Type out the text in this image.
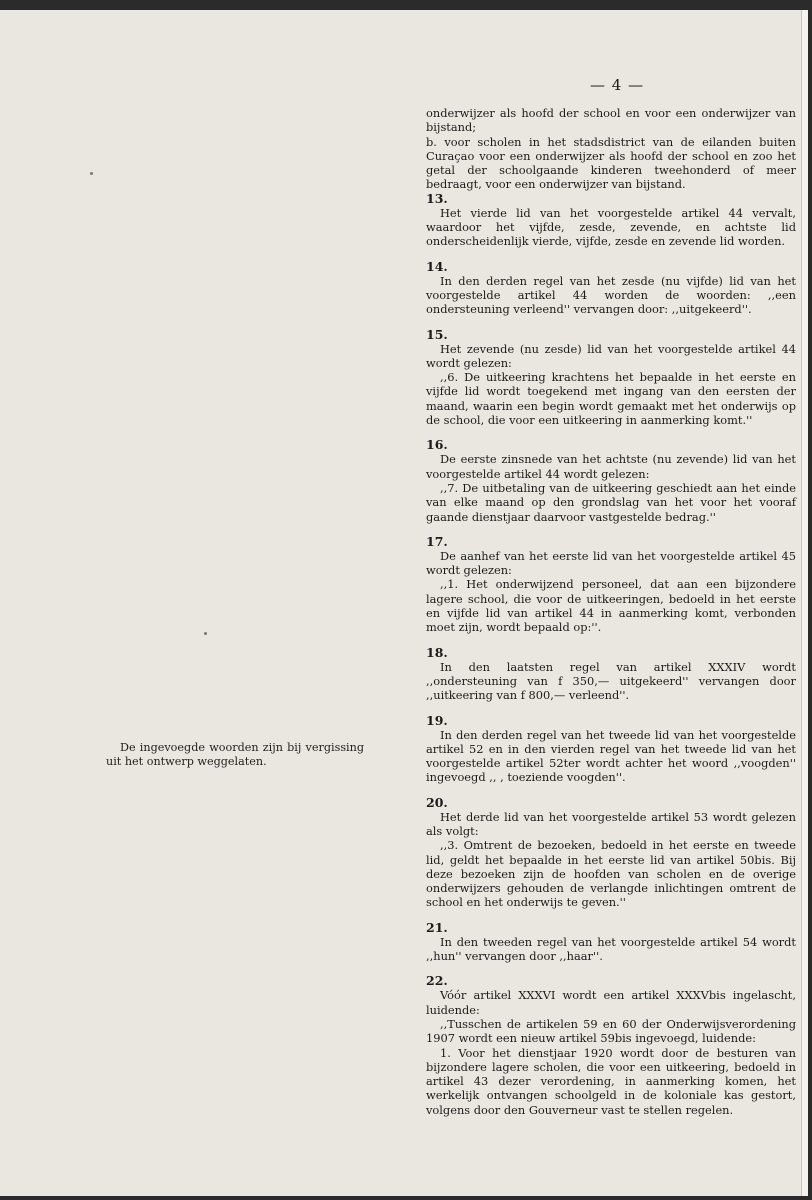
— 4 —

onderwijzer als hoofd der school en voor een onderwijzer van bijstand;

b. voor scholen in het stadsdistrict van de eilanden buiten Curaçao voor een onderwijzer als hoofd der school en zoo het getal der schoolgaande kinderen tweehonderd of meer bedraagt, voor een onderwijzer van bijstand.

13.

Het vierde lid van het voorgestelde artikel 44 vervalt, waardoor het vijfde, zesde, zevende, en achtste lid onderscheidenlijk vierde, vijfde, zesde en zevende lid worden.

14.

In den derden regel van het zesde (nu vijfde) lid van het voorgestelde artikel 44 worden de woorden: ,,een ondersteuning verleend'' vervangen door: ,,uitgekeerd''.

15.

Het zevende (nu zesde) lid van het voorgestelde artikel 44 wordt gelezen:

,,6. De uitkeering krachtens het bepaalde in het eerste en vijfde lid wordt toegekend met ingang van den eersten der maand, waarin een begin wordt gemaakt met het onderwijs op de school, die voor een uitkeering in aanmerking komt.''

16.

De eerste zinsnede van het achtste (nu zevende) lid van het voorgestelde artikel 44 wordt gelezen:

,,7. De uitbetaling van de uitkeering geschiedt aan het einde van elke maand op den grondslag van het voor het vooraf gaande dienstjaar daarvoor vastgestelde bedrag.''

17.

De aanhef van het eerste lid van het voorgestelde artikel 45 wordt gelezen:

,,1. Het onderwijzend personeel, dat aan een bijzondere lagere school, die voor de uitkeeringen, bedoeld in het eerste en vijfde lid van artikel 44 in aanmerking komt, verbonden moet zijn, wordt bepaald op:''.

18.

In den laatsten regel van artikel XXXIV wordt ,,ondersteuning van f 350,— uitgekeerd'' vervangen door ,,uitkeering van f 800,— verleend''.

19.

In den derden regel van het tweede lid van het voorgestelde artikel 52 en in den vierden regel van het tweede lid van het voorgestelde artikel 52ter wordt achter het woord ,,voogden'' ingevoegd ,, , toeziende voogden''.

20.

Het derde lid van het voorgestelde artikel 53 wordt gelezen als volgt:

,,3. Omtrent de bezoeken, bedoeld in het eerste en tweede lid, geldt het bepaalde in het eerste lid van artikel 50bis. Bij deze bezoeken zijn de hoofden van scholen en de overige onderwijzers gehouden de verlangde inlichtingen omtrent de school en het onderwijs te geven.''

21.

In den tweeden regel van het voorgestelde artikel 54 wordt ,,hun'' vervangen door ,,haar''.

22.

Vóór artikel XXXVI wordt een artikel XXXVbis ingelascht, luidende:

,,Tusschen de artikelen 59 en 60 der Onderwijsverordening 1907 wordt een nieuw artikel 59bis ingevoegd, luidende:

1. Voor het dienstjaar 1920 wordt door de besturen van bijzondere lagere scholen, die voor een uitkeering, bedoeld in artikel 43 dezer verordening, in aanmerking komen, het werkelijk ontvangen schoolgeld in de koloniale kas gestort, volgens door den Gouverneur vast te stellen regelen.

De ingevoegde woorden zijn bij vergissing uit het ontwerp weggelaten.
